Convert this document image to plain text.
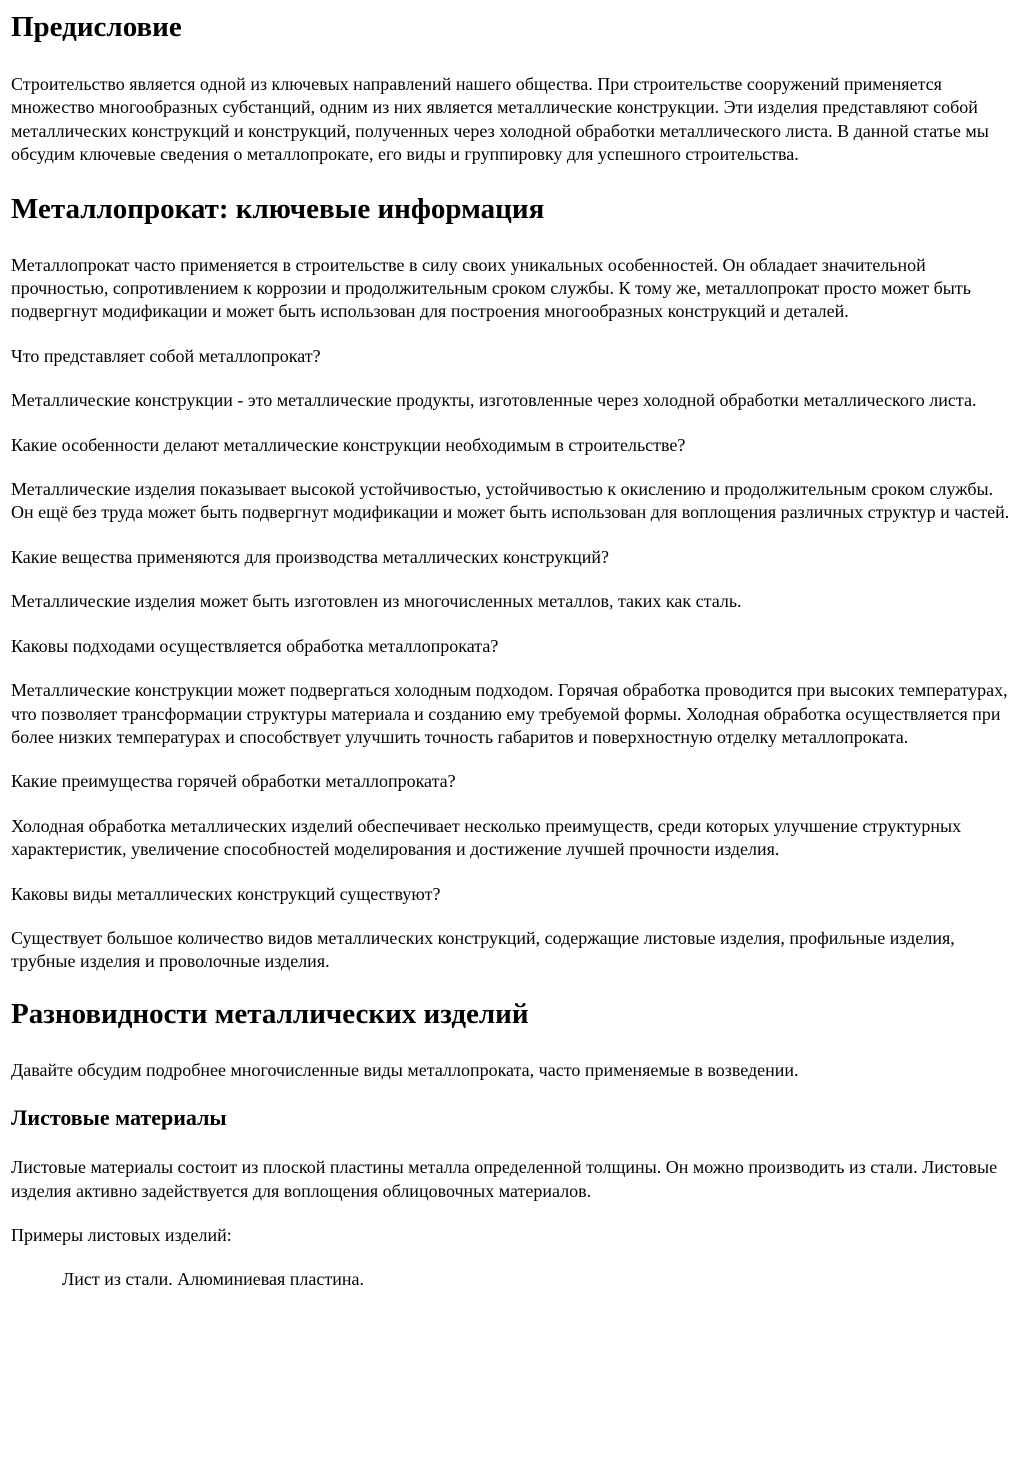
Предисловие

Строительство является одной из ключевых направлений нашего общества. При строительстве сооружений применяется множество многообразных субстанций, одним из них является металлические конструкции. Эти изделия представляют собой металлических конструкций и конструкций, полученных через холодной обработки металлического листа. В данной статье мы обсудим ключевые сведения о металлопрокате, его виды и группировку для успешного строительства.

Металлопрокат: ключевые информация

Металлопрокат часто применяется в строительстве в силу своих уникальных особенностей. Он обладает значительной прочностью, сопротивлением к коррозии и продолжительным сроком службы. К тому же, металлопрокат просто может быть подвергнут модификации и может быть использован для построения многообразных конструкций и деталей.

Что представляет собой металлопрокат?

Металлические конструкции - это металлические продукты, изготовленные через холодной обработки металлического листа.

Какие особенности делают металлические конструкции необходимым в строительстве?

Металлические изделия показывает высокой устойчивостью, устойчивостью к окислению и продолжительным сроком службы. Он ещё без труда может быть подвергнут модификации и может быть использован для воплощения различных структур и частей.

Какие вещества применяются для производства металлических конструкций?

Металлические изделия может быть изготовлен из многочисленных металлов, таких как сталь.

Каковы подходами осуществляется обработка металлопроката?

Металлические конструкции может подвергаться холодным подходом. Горячая обработка проводится при высоких температурах, что позволяет трансформации структуры материала и созданию ему требуемой формы. Холодная обработка осуществляется при более низких температурах и способствует улучшить точность габаритов и поверхностную отделку металлопроката.

Какие преимущества горячей обработки металлопроката?

Холодная обработка металлических изделий обеспечивает несколько преимуществ, среди которых улучшение структурных характеристик, увеличение способностей моделирования и достижение лучшей прочности изделия.

Каковы виды металлических конструкций существуют?

Существует большое количество видов металлических конструкций, содержащие листовые изделия, профильные изделия, трубные изделия и проволочные изделия.

Разновидности металлических изделий

Давайте обсудим подробнее многочисленные виды металлопроката, часто применяемые в возведении.

Листовые материалы

Листовые материалы состоит из плоской пластины металла определенной толщины. Он можно производить из стали. Листовые изделия активно задействуется для воплощения облицовочных материалов.

Примеры листовых изделий:

Лист из стали. Алюминиевая пластина.
